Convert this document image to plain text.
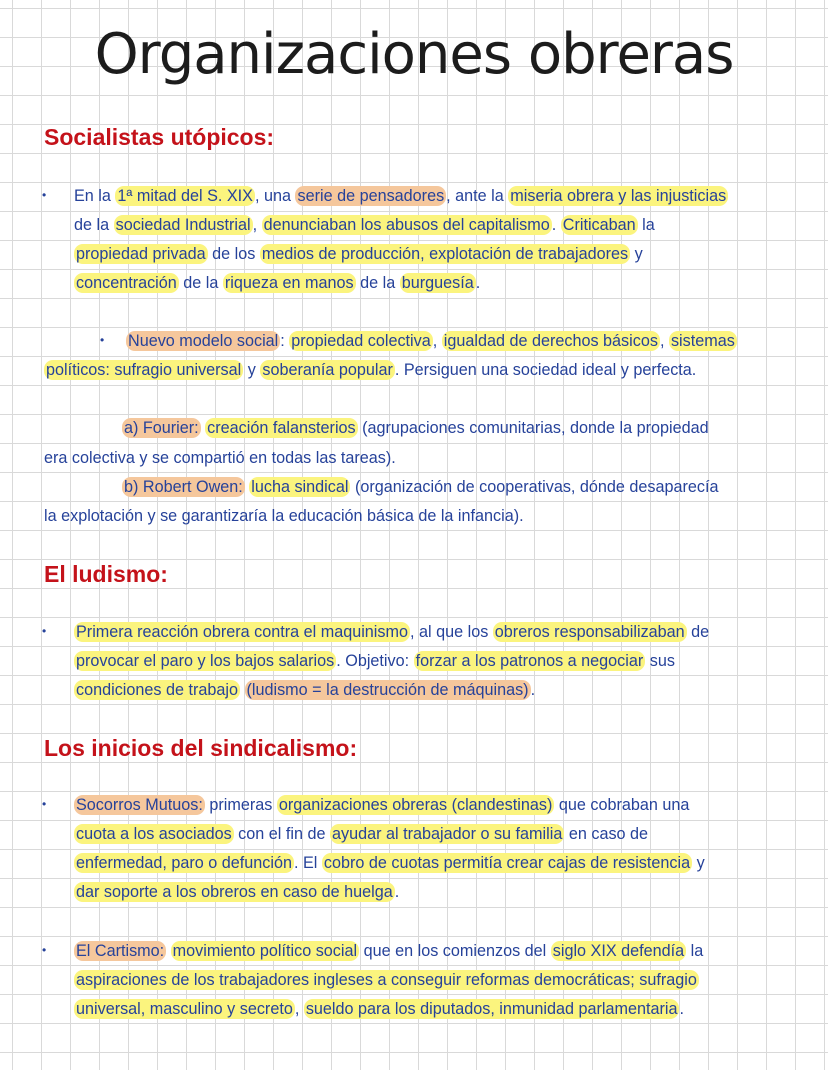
Organizaciones obreras
Socialistas utópicos:
• En la 1ª mitad del S. XIX , una serie de pensadores , ante la miseria obrera y las injusticias

de la sociedad Industrial , denunciaban los abusos del capitalismo . Criticaban la

propiedad privada de los medios de producción, explotación de trabajadores y

concentración de la riqueza en manos de la burguesía .

• Nuevo modelo social : propiedad colectiva , igualdad de derechos básicos , sistemas

políticos: sufragio universal y soberanía popular . Persiguen una sociedad ideal y perfecta.

a) Fourier: creación falansterios (agrupaciones comunitarias, donde la propiedad

era colectiva y se compartió en todas las tareas).

b) Robert Owen: lucha sindical (organización de cooperativas, dónde desaparecía

la explotación y se garantizaría la educación básica de la infancia).

El ludismo:
• Primera reacción obrera contra el maquinismo , al que los obreros responsabilizaban de

provocar el paro y los bajos salarios . Objetivo: forzar a los patronos a negociar sus

condiciones de trabajo (ludismo = la destrucción de máquinas) .

Los inicios del sindicalismo:
• Socorros Mutuos: primeras organizaciones obreras (clandestinas) que cobraban una

cuota a los asociados con el fin de ayudar al trabajador o su familia en caso de

enfermedad, paro o defunción . El cobro de cuotas permitía crear cajas de resistencia y

dar soporte a los obreros en caso de huelga .

• El Cartismo: movimiento político social que en los comienzos del siglo XIX defendía la

aspiraciones de los trabajadores ingleses a conseguir reformas democráticas; sufragio

universal, masculino y secreto , sueldo para los diputados, inmunidad parlamentaria .
